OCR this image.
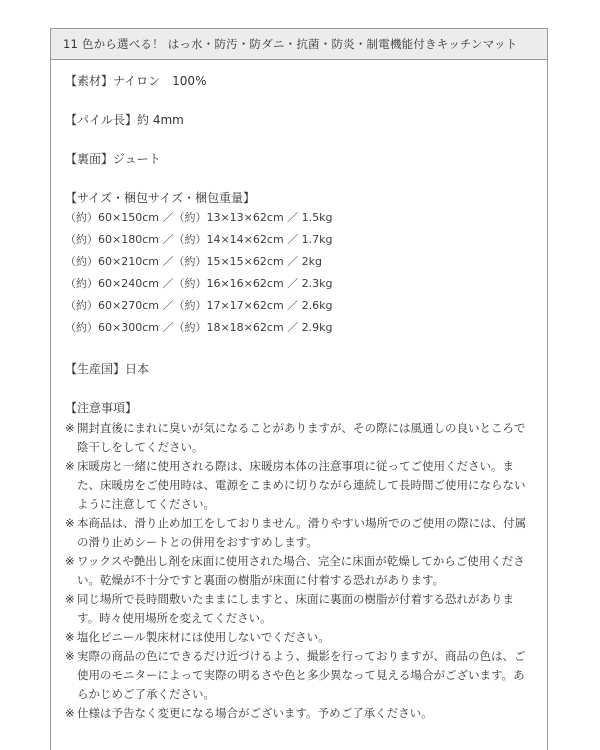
11 色から選べる！ はっ水・防汚・防ダニ・抗菌・防炎・制電機能付きキッチンマット
【素材】ナイロン　100%
【パイル長】約 4mm
【裏面】ジュート
【サイズ・梱包サイズ・梱包重量】
（約）60×150cm ／（約）13×13×62cm ／ 1.5kg
（約）60×180cm ／（約）14×14×62cm ／ 1.7kg
（約）60×210cm ／（約）15×15×62cm ／ 2kg
（約）60×240cm ／（約）16×16×62cm ／ 2.3kg
（約）60×270cm ／（約）17×17×62cm ／ 2.6kg
（約）60×300cm ／（約）18×18×62cm ／ 2.9kg
【生産国】日本
【注意事項】
※ 開封直後にまれに臭いが気になることがありますが、その際には風通しの良いところで陰干しをしてください。
※ 床暖房と一緒に使用される際は、床暖房本体の注意事項に従ってご使用ください。また、床暖房をご使用時は、電源をこまめに切りながら連続して長時間ご使用にならないように注意してください。
※ 本商品は、滑り止め加工をしておりません。滑りやすい場所でのご使用の際には、付属の滑り止めシートとの併用をおすすめします。
※ ワックスや艶出し剤を床面に使用された場合、完全に床面が乾燥してからご使用ください。乾燥が不十分ですと裏面の樹脂が床面に付着する恐れがあります。
※ 同じ場所で長時間敷いたままにしますと、床面に裏面の樹脂が付着する恐れがあります。時々使用場所を変えてください。
※ 塩化ビニール製床材には使用しないでください。
※ 実際の商品の色にできるだけ近づけるよう、撮影を行っておりますが、商品の色は、ご使用のモニターによって実際の明るさや色と多少異なって見える場合がございます。あらかじめご了承ください。
※ 仕様は予告なく変更になる場合がございます。予めご了承ください。
